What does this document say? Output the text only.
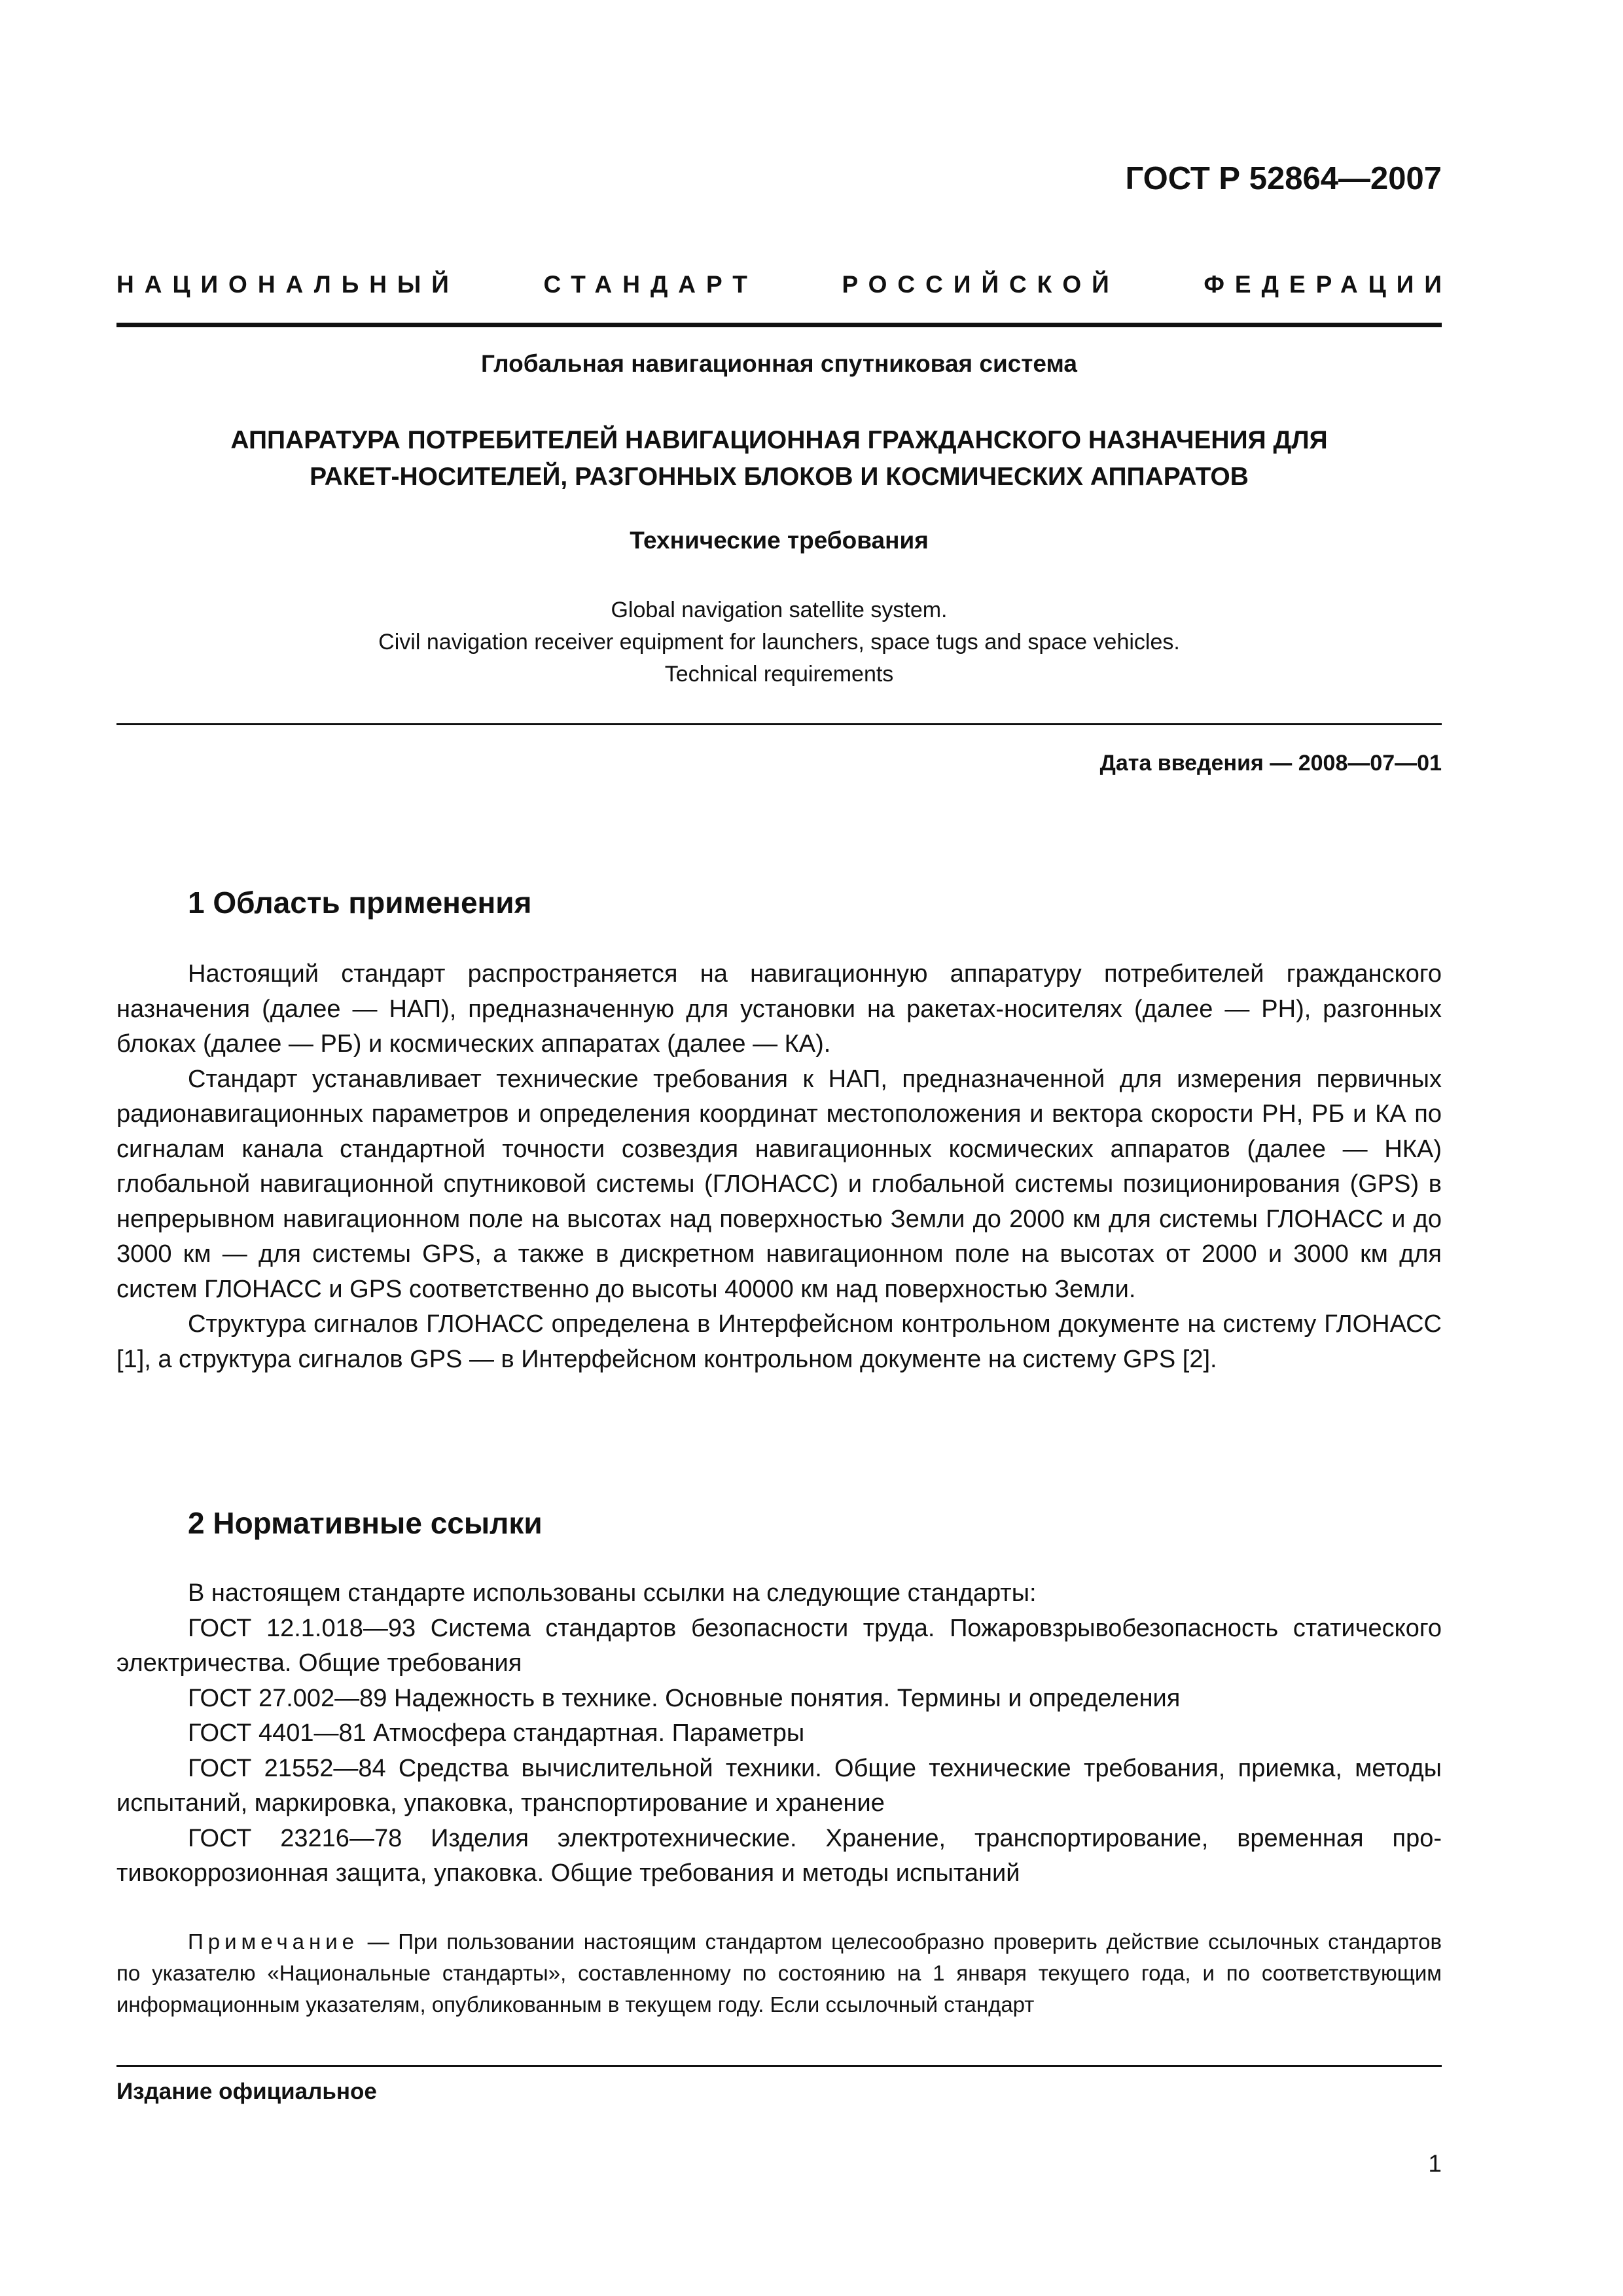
ГОСТ Р 52864—2007
НАЦИОНАЛЬНЫЙ	СТАНДАРТ	РОССИЙСКОЙ	ФЕДЕРАЦИИ
Глобальная навигационная спутниковая система
АППАРАТУРА ПОТРЕБИТЕЛЕЙ НАВИГАЦИОННАЯ ГРАЖДАНСКОГО НАЗНАЧЕНИЯ ДЛЯ
РАКЕТ-НОСИТЕЛЕЙ, РАЗГОННЫХ БЛОКОВ И КОСМИЧЕСКИХ АППАРАТОВ
Технические требования
Global navigation satellite system.
Civil navigation receiver equipment for launchers, space tugs and space vehicles.
Technical requirements
Дата введения — 2008—07—01
1 Область применения

Настоящий стандарт распространяется на навигационную аппаратуру потребителей гражданского назначения (далее — НАП), предназначенную для установки на ракетах-носителях (далее — РН), разгонных блоках (далее — РБ) и космических аппаратах (далее — КА).

Стандарт устанавливает технические требования к НАП, предназначенной для измерения первичных радионавигационных параметров и определения координат местоположения и вектора скорости РН, РБ и КА по сигналам канала стандартной точности созвездия навигационных космических аппаратов (далее — НКА) глобальной навигационной спутниковой системы (ГЛОНАСС) и глобальной системы позиционирования (GPS) в непрерывном навигационном поле на высотах над поверхностью Земли до 2000 км для системы ГЛОНАСС и до 3000 км — для системы GPS, а также в дискретном навигационном поле на высотах от 2000 и 3000 км для систем ГЛОНАСС и GPS соответственно до высоты 40000 км над поверхностью Земли.

Структура сигналов ГЛОНАСС определена в Интерфейсном контрольном документе на систему ГЛОНАСС [1], а структура сигналов GPS — в Интерфейсном контрольном документе на систему GPS [2].

2 Нормативные ссылки

В настоящем стандарте использованы ссылки на следующие стандарты:

ГОСТ 12.1.018—93 Система стандартов безопасности труда. Пожаровзрывобезопасность статического электричества. Общие требования

ГОСТ 27.002—89 Надежность в технике. Основные понятия. Термины и определения

ГОСТ 4401—81 Атмосфера стандартная. Параметры

ГОСТ 21552—84 Средства вычислительной техники. Общие технические требования, приемка, методы испытаний, маркировка, упаковка, транспортирование и хранение

ГОСТ 23216—78 Изделия электротехнические. Хранение, транспортирование, временная противокоррозионная защита, упаковка. Общие требования и методы испытаний

Примечание — При пользовании настоящим стандартом целесообразно проверить действие ссылочных стандартов по указателю «Национальные стандарты», составленному по состоянию на 1 января текущего года, и по соответствующим информационным указателям, опубликованным в текущем году. Если ссылочный стандарт
Издание официальное
1
